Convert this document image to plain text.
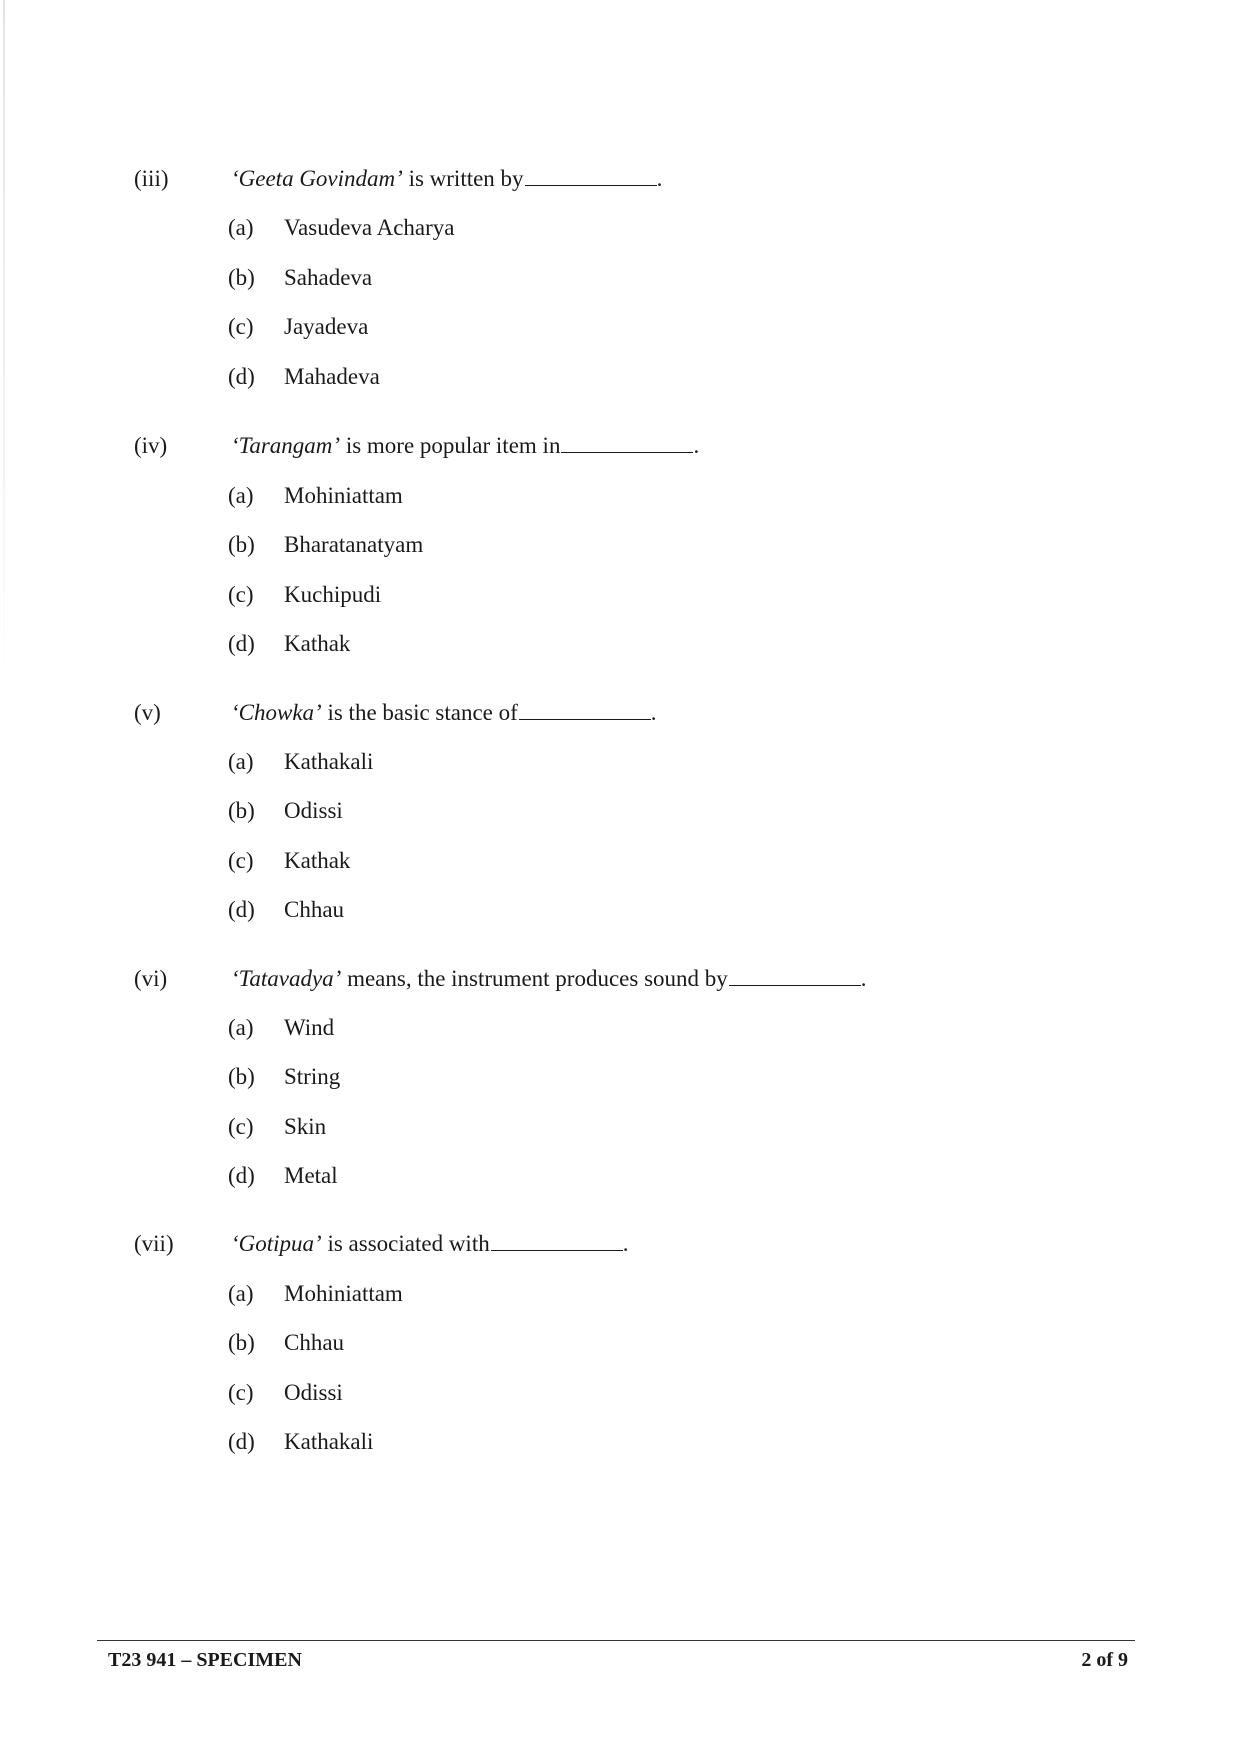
(iii)	‘Geeta Govindam’ is written by	.
(a) Vasudeva Acharya
(b) Sahadeva
(c) Jayadeva
(d) Mahadeva
(iv)	‘Tarangam’ is more popular item in	.
(a) Mohiniattam
(b) Bharatanatyam
(c) Kuchipudi
(d) Kathak
(v)	‘Chowka’ is the basic stance of	.
(a) Kathakali
(b) Odissi
(c) Kathak
(d) Chhau
(vi)	‘Tatavadya’ means, the instrument produces sound by	.
(a) Wind
(b) String
(c) Skin
(d) Metal
(vii) ‘Gotipua’ is associated with	.
(a) Mohiniattam
(b) Chhau
(c) Odissi
(d) Kathakali
T23 941 – SPECIMEN	2 of 9
